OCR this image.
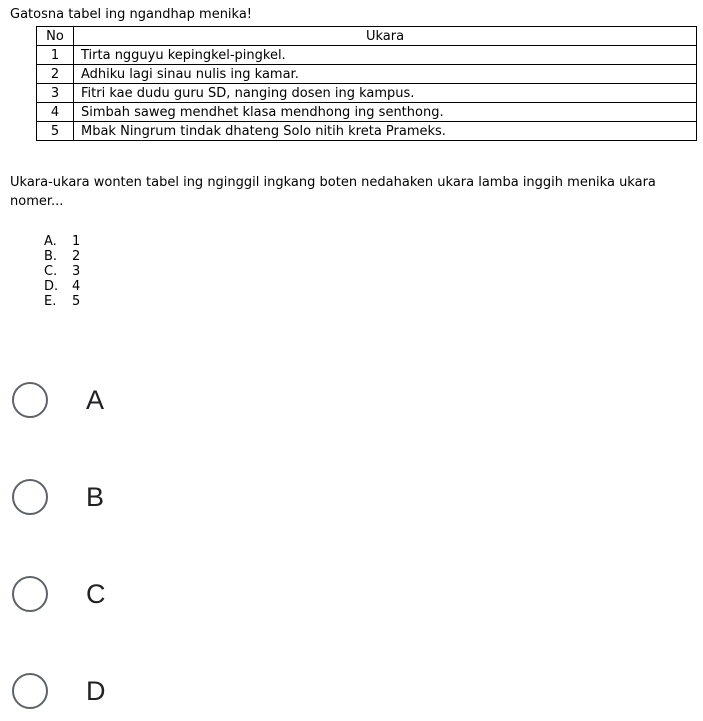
Gatosna tabel ing ngandhap menika!
No	Ukara
1	Tirta ngguyu kepingkel-pingkel.
2	Adhiku lagi sinau nulis ing kamar.
3	Fitri kae dudu guru SD, nanging dosen ing kampus.
4	Simbah saweg mendhet klasa mendhong ing senthong.
5	Mbak Ningrum tindak dhateng Solo nitih kreta Prameks.
Ukara-ukara wonten tabel ing nginggil ingkang boten nedahaken ukara lamba inggih menika ukara nomer...
A. 1
B. 2
C. 3
D. 4
E. 5
A
B
C
D
